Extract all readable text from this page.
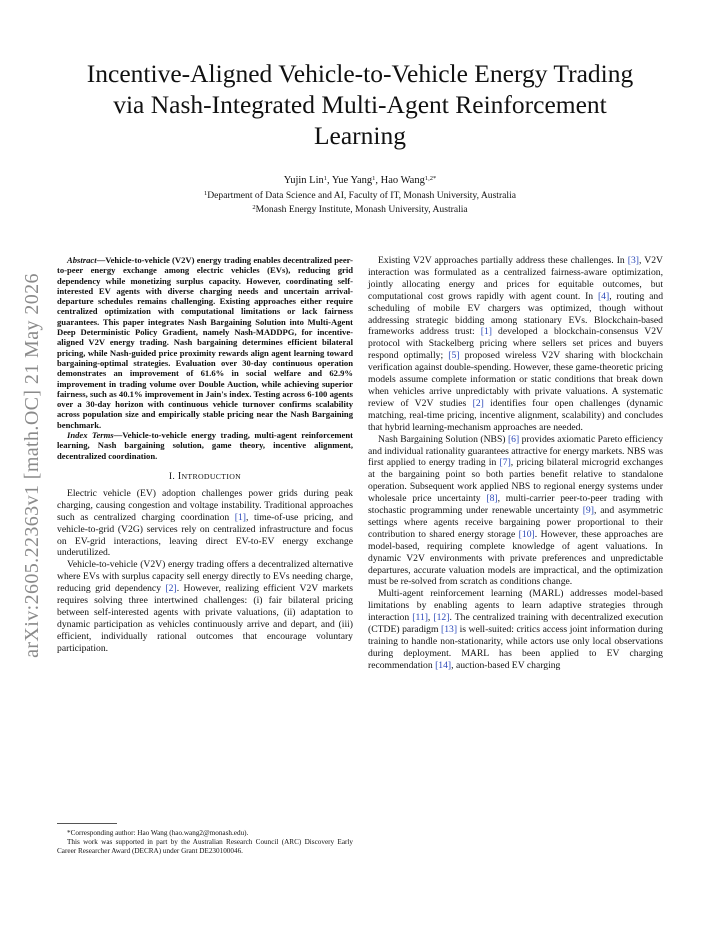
arXiv:2605.22363v1 [math.OC] 21 May 2026
Incentive-Aligned Vehicle-to-Vehicle Energy Trading via Nash-Integrated Multi-Agent Reinforcement Learning
Yujin Lin$^1$, Yue Yang$^1$, Hao Wang$^{1,2*}$
$^1$Department of Data Science and AI, Faculty of IT, Monash University, Australia
$^2$Monash Energy Institute, Monash University, Australia

Abstract—Vehicle-to-vehicle (V2V) energy trading enables decentralized peer-to-peer energy exchange among electric vehicles (EVs), reducing grid dependency while monetizing surplus capacity. However, coordinating self-interested EV agents with diverse charging needs and uncertain arrival-departure schedules remains challenging. Existing approaches either require centralized optimization with computational limitations or lack fairness guarantees. This paper integrates Nash Bargaining Solution into Multi-Agent Deep Deterministic Policy Gradient, namely Nash-MADDPG, for incentive-aligned V2V energy trading. Nash bargaining determines efficient bilateral pricing, while Nash-guided price proximity rewards align agent learning toward bargaining-optimal strategies. Evaluation over 30-day continuous operation demonstrates an improvement of 61.6% in social welfare and 62.9% improvement in trading volume over Double Auction, while achieving superior fairness, such as 40.1% improvement in Jain's index. Testing across 6-100 agents over a 30-day horizon with continuous vehicle turnover confirms scalability across population size and empirically stable pricing near the Nash Bargaining benchmark.

Index Terms—Vehicle-to-vehicle energy trading, multi-agent reinforcement learning, Nash bargaining solution, game theory, incentive alignment, decentralized coordination.

I. INTRODUCTION

Electric vehicle (EV) adoption challenges power grids during peak charging, causing congestion and voltage instability. Traditional approaches such as centralized charging coordination [1], time-of-use pricing, and vehicle-to-grid (V2G) services rely on centralized infrastructure and focus on EV-grid interactions, leaving direct EV-to-EV energy exchange underutilized.

Vehicle-to-vehicle (V2V) energy trading offers a decentralized alternative where EVs with surplus capacity sell energy directly to EVs needing charge, reducing grid dependency [2]. However, realizing efficient V2V markets requires solving three intertwined challenges: (i) fair bilateral pricing between self-interested agents with private valuations, (ii) adaptation to dynamic participation as vehicles continuously arrive and depart, and (iii) efficient, individually rational outcomes that encourage voluntary participation.

Existing V2V approaches partially address these challenges. In [3], V2V interaction was formulated as a centralized fairness-aware optimization, jointly allocating energy and prices for equitable outcomes, but computational cost grows rapidly with agent count. In [4], routing and scheduling of mobile EV chargers was optimized, though without addressing strategic bidding among stationary EVs. Blockchain-based frameworks address trust: [1] developed a blockchain-consensus V2V protocol with Stackelberg pricing where sellers set prices and buyers respond optimally; [5] proposed wireless V2V sharing with blockchain verification against double-spending. However, these game-theoretic pricing models assume complete information or static conditions that break down when vehicles arrive unpredictably with private valuations. A systematic review of V2V studies [2] identifies four open challenges (dynamic matching, real-time pricing, incentive alignment, scalability) and concludes that hybrid learning-mechanism approaches are needed.

Nash Bargaining Solution (NBS) [6] provides axiomatic Pareto efficiency and individual rationality guarantees attractive for energy markets. NBS was first applied to energy trading in [7], pricing bilateral microgrid exchanges at the bargaining point so both parties benefit relative to standalone operation. Subsequent work applied NBS to regional energy systems under wholesale price uncertainty [8], multi-carrier peer-to-peer trading with stochastic programming under renewable uncertainty [9], and asymmetric settings where agents receive bargaining power proportional to their contribution to shared energy storage [10]. However, these approaches are model-based, requiring complete knowledge of agent valuations. In dynamic V2V environments with private preferences and unpredictable departures, accurate valuation models are impractical, and the optimization must be re-solved from scratch as conditions change.

Multi-agent reinforcement learning (MARL) addresses model-based limitations by enabling agents to learn adaptive strategies through interaction [11], [12]. The centralized training with decentralized execution (CTDE) paradigm [13] is well-suited: critics access joint information during training to handle non-stationarity, while actors use only local observations during deployment. MARL has been applied to EV charging recommendation [14], auction-based EV charging

*Corresponding author: Hao Wang (hao.wang2@monash.edu).

This work was supported in part by the Australian Research Council (ARC) Discovery Early Career Researcher Award (DECRA) under Grant DE230100046.
